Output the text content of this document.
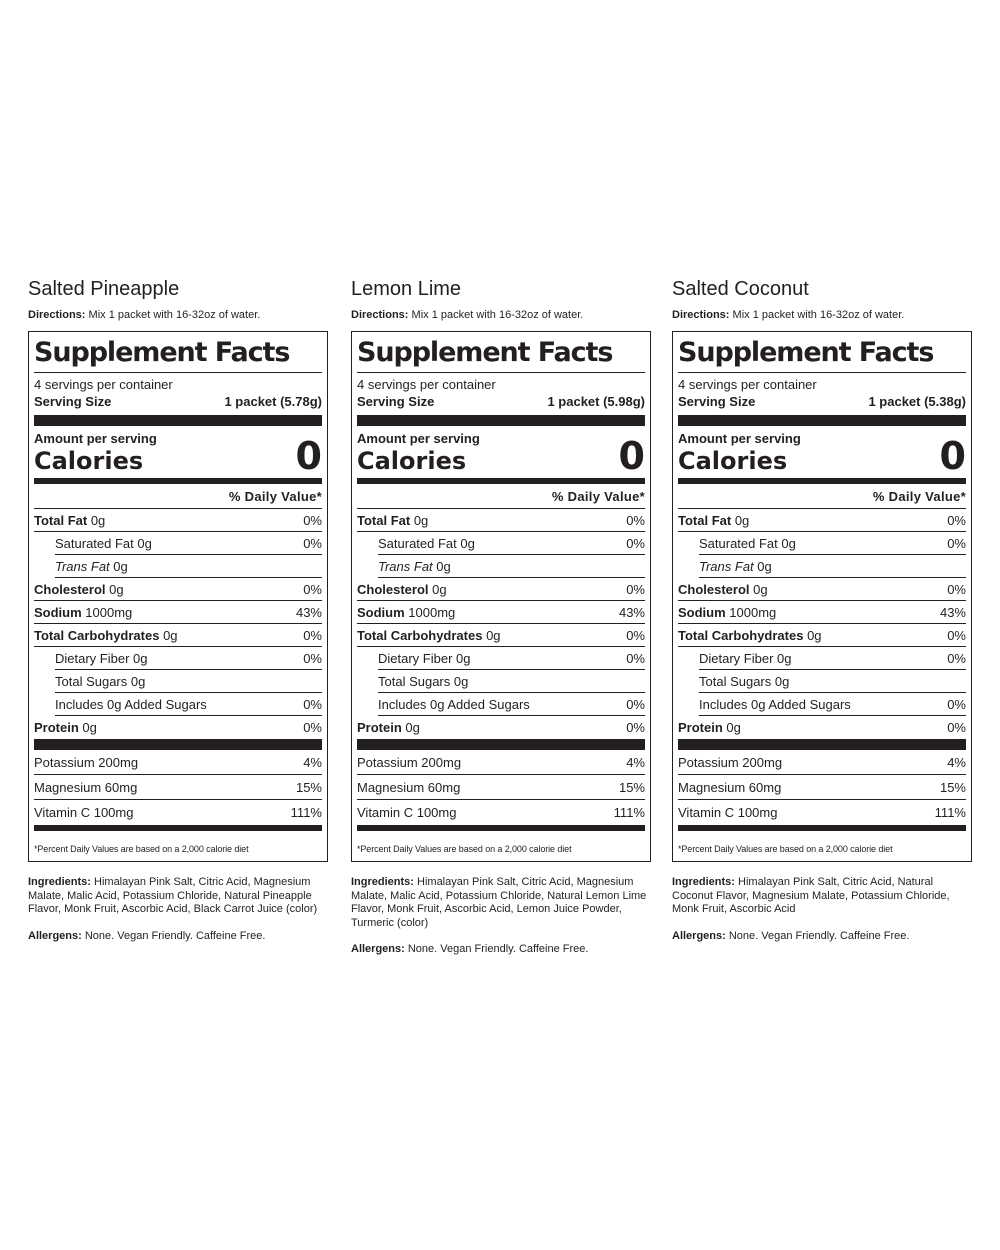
Salted Pineapple
Directions: Mix 1 packet with 16-32oz of water.
Supplement Facts
4 servings per container
Serving Size	1 packet (5.78g)
Amount per serving
Calories	0
% Daily Value*
Total Fat 0g	0%
Saturated Fat 0g	0%
Trans Fat 0g
Cholesterol 0g	0%
Sodium 1000mg	43%
Total Carbohydrates 0g	0%
Dietary Fiber 0g	0%
Total Sugars 0g
Includes 0g Added Sugars	0%
Protein 0g	0%
Potassium 200mg	4%
Magnesium 60mg	15%
Vitamin C 100mg	111%
*Percent Daily Values are based on a 2,000 calorie diet
Ingredients: Himalayan Pink Salt, Citric Acid, Magnesium Malate, Malic Acid, Potassium Chloride, Natural Pineapple Flavor, Monk Fruit, Ascorbic Acid, Black Carrot Juice (color)
Allergens: None. Vegan Friendly. Caffeine Free.
Lemon Lime
Directions: Mix 1 packet with 16-32oz of water.
Supplement Facts
4 servings per container
Serving Size	1 packet (5.98g)
Amount per serving
Calories	0
% Daily Value*
Total Fat 0g	0%
Saturated Fat 0g	0%
Trans Fat 0g
Cholesterol 0g	0%
Sodium 1000mg	43%
Total Carbohydrates 0g	0%
Dietary Fiber 0g	0%
Total Sugars 0g
Includes 0g Added Sugars	0%
Protein 0g	0%
Potassium 200mg	4%
Magnesium 60mg	15%
Vitamin C 100mg	111%
*Percent Daily Values are based on a 2,000 calorie diet
Ingredients: Himalayan Pink Salt, Citric Acid, Magnesium Malate, Malic Acid, Potassium Chloride, Natural Lemon Lime Flavor, Monk Fruit, Ascorbic Acid, Lemon Juice Powder, Turmeric (color)
Allergens: None. Vegan Friendly. Caffeine Free.
Salted Coconut
Directions: Mix 1 packet with 16-32oz of water.
Supplement Facts
4 servings per container
Serving Size	1 packet (5.38g)
Amount per serving
Calories	0
% Daily Value*
Total Fat 0g	0%
Saturated Fat 0g	0%
Trans Fat 0g
Cholesterol 0g	0%
Sodium 1000mg	43%
Total Carbohydrates 0g	0%
Dietary Fiber 0g	0%
Total Sugars 0g
Includes 0g Added Sugars	0%
Protein 0g	0%
Potassium 200mg	4%
Magnesium 60mg	15%
Vitamin C 100mg	111%
*Percent Daily Values are based on a 2,000 calorie diet
Ingredients: Himalayan Pink Salt, Citric Acid, Natural Coconut Flavor, Magnesium Malate, Potassium Chloride, Monk Fruit, Ascorbic Acid
Allergens: None. Vegan Friendly. Caffeine Free.
